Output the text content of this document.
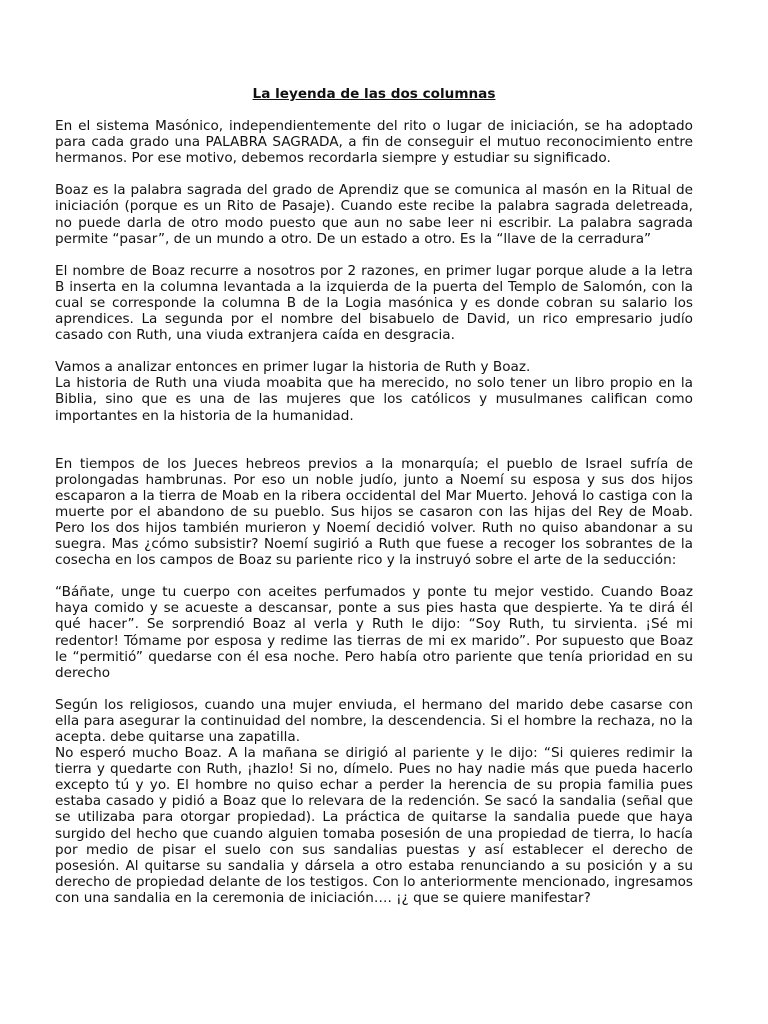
La leyenda de las dos columnas

En el sistema Masónico, independientemente del rito o lugar de iniciación, se ha adoptado para cada grado una PALABRA SAGRADA, a fin de conseguir el mutuo reconocimiento entre hermanos. Por ese motivo, debemos recordarla siempre y estudiar su significado.

Boaz es la palabra sagrada del grado de Aprendiz que se comunica al masón en la Ritual de iniciación (porque es un Rito de Pasaje). Cuando este recibe la palabra sagrada deletreada, no puede darla de otro modo puesto que aun no sabe leer ni escribir. La palabra sagrada permite “pasar”, de un mundo a otro. De un estado a otro. Es la “llave de la cerradura”

El nombre de Boaz recurre a nosotros por 2 razones, en primer lugar porque alude a la letra B inserta en la columna levantada a la izquierda de la puerta del Templo de Salomón, con la cual se corresponde la columna B de la Logia masónica y es donde cobran su salario los aprendices. La segunda por el nombre del bisabuelo de David, un rico empresario judío casado con Ruth, una viuda extranjera caída en desgracia.

Vamos a analizar entonces en primer lugar la historia de Ruth y Boaz.

La historia de Ruth una viuda moabita que ha merecido, no solo tener un libro propio en la Biblia, sino que es una de las mujeres que los católicos y musulmanes califican como importantes en la historia de la humanidad.

En tiempos de los Jueces hebreos previos a la monarquía; el pueblo de Israel sufría de prolongadas hambrunas. Por eso un noble judío, junto a Noemí su esposa y sus dos hijos escaparon a la tierra de Moab en la ribera occidental del Mar Muerto. Jehová lo castiga con la muerte por el abandono de su pueblo. Sus hijos se casaron con las hijas del Rey de Moab. Pero los dos hijos también murieron y Noemí decidió volver. Ruth no quiso abandonar a su suegra. Mas ¿cómo subsistir? Noemí sugirió a Ruth que fuese a recoger los sobrantes de la cosecha en los campos de Boaz su pariente rico y la instruyó sobre el arte de la seducción:

“Báñate, unge tu cuerpo con aceites perfumados y ponte tu mejor vestido. Cuando Boaz haya comido y se acueste a descansar, ponte a sus pies hasta que despierte. Ya te dirá él qué hacer”. Se sorprendió Boaz al verla y Ruth le dijo: “Soy Ruth, tu sirvienta. ¡Sé mi redentor! Tómame por esposa y redime las tierras de mi ex marido”. Por supuesto que Boaz le “permitió” quedarse con él esa noche. Pero había otro pariente que tenía prioridad en su derecho

Según los religiosos, cuando una mujer enviuda, el hermano del marido debe casarse con ella para asegurar la continuidad del nombre, la descendencia. Si el hombre la rechaza, no la acepta. debe quitarse una zapatilla.

No esperó mucho Boaz. A la mañana se dirigió al pariente y le dijo: “Si quieres redimir la tierra y quedarte con Ruth, ¡hazlo! Si no, dímelo. Pues no hay nadie más que pueda hacerlo excepto tú y yo. El hombre no quiso echar a perder la herencia de su propia familia pues estaba casado y pidió a Boaz que lo relevara de la redención. Se sacó la sandalia (señal que se utilizaba para otorgar propiedad). La práctica de quitarse la sandalia puede que haya surgido del hecho que cuando alguien tomaba posesión de una propiedad de tierra, lo hacía por medio de pisar el suelo con sus sandalias puestas y así establecer el derecho de posesión. Al quitarse su sandalia y dársela a otro estaba renunciando a su posición y a su derecho de propiedad delante de los testigos. Con lo anteriormente mencionado, ingresamos con una sandalia en la ceremonia de iniciación…. ¡¿ que se quiere manifestar?
